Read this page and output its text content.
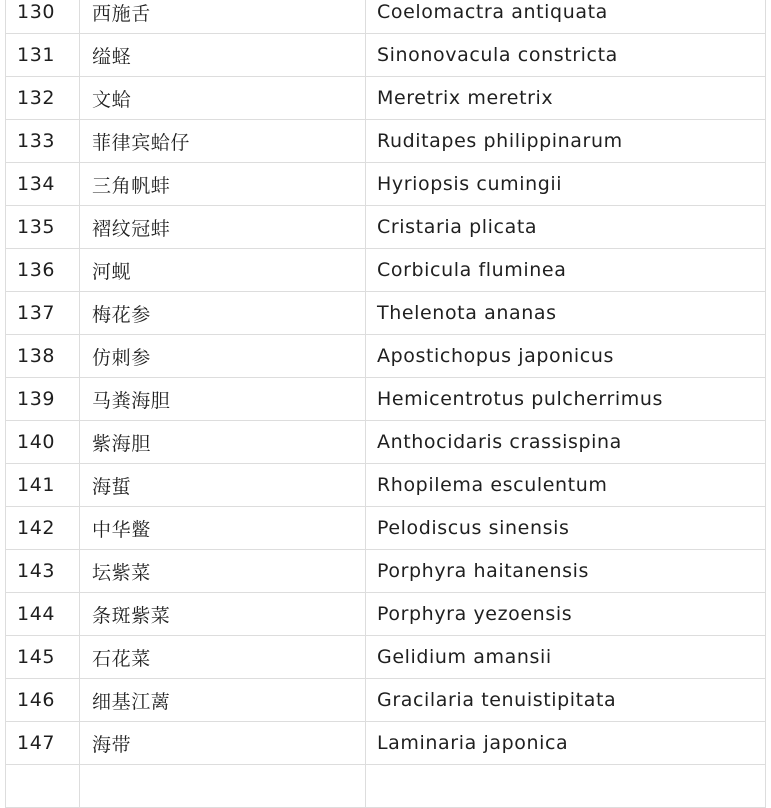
130	西施舌	Coelomactra antiquata
131	缢蛏	Sinonovacula constricta
132	文蛤	Meretrix meretrix
133	菲律宾蛤仔	Ruditapes philippinarum
134	三角帆蚌	Hyriopsis cumingii
135	褶纹冠蚌	Cristaria plicata
136	河蚬	Corbicula fluminea
137	梅花参	Thelenota ananas
138	仿刺参	Apostichopus japonicus
139	马粪海胆	Hemicentrotus pulcherrimus
140	紫海胆	Anthocidaris crassispina
141	海蜇	Rhopilema esculentum
142	中华鳖	Pelodiscus sinensis
143	坛紫菜	Porphyra haitanensis
144	条斑紫菜	Porphyra yezoensis
145	石花菜	Gelidium amansii
146	细基江蓠	Gracilaria tenuistipitata
147	海带	Laminaria japonica
